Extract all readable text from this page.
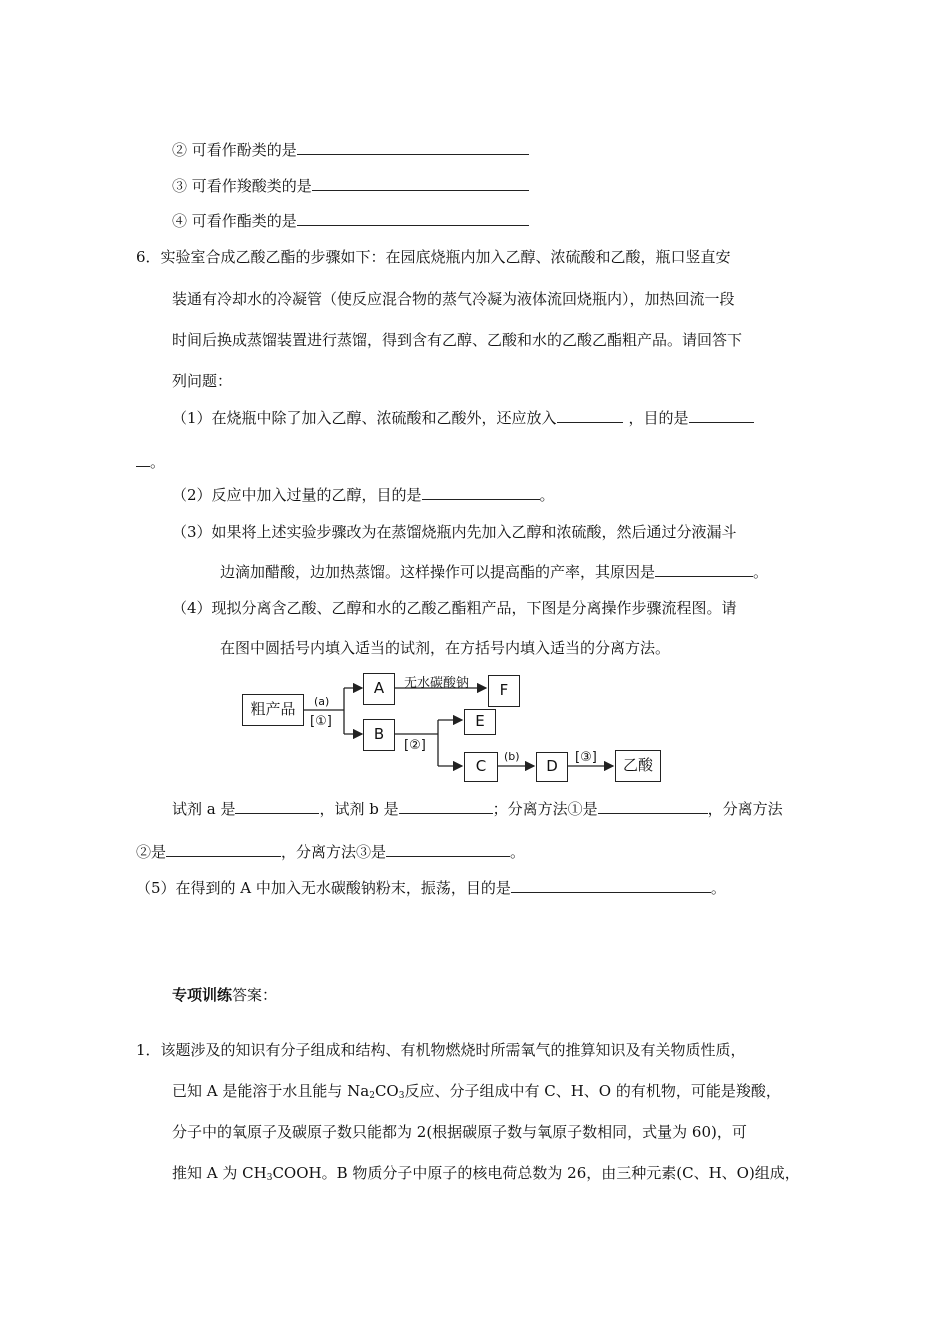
② 可看作酚类的是
③ 可看作羧酸类的是
④ 可看作酯类的是
6．实验室合成乙酸乙酯的步骤如下：在园底烧瓶内加入乙醇、浓硫酸和乙酸，瓶口竖直安
装通有冷却水的冷凝管（使反应混合物的蒸气冷凝为液体流回烧瓶内），加热回流一段
时间后换成蒸馏装置进行蒸馏，得到含有乙醇、乙酸和水的乙酸乙酯粗产品。请回答下
列问题：
（1）在烧瓶中除了加入乙醇、浓硫酸和乙酸外，还应放入	，目的是
。
（2）反应中加入过量的乙醇，目的是	。
（3）如果将上述实验步骤改为在蒸馏烧瓶内先加入乙醇和浓硫酸，然后通过分液漏斗
边滴加醋酸，边加热蒸馏。这样操作可以提高酯的产率，其原因是	。
（4）现拟分离含乙酸、乙醇和水的乙酸乙酯粗产品，下图是分离操作步骤流程图。请
在图中圆括号内填入适当的试剂，在方括号内填入适当的分离方法。
粗产品	(a)
[①]
A
B
无水碳酸钠	F
E
[②]
C
(b)
D	[③]	乙酸
试剂 a 是	，试剂 b 是	；分离方法①是	，分离方法
②是	，分离方法③是	。
（5）在得到的 A 中加入无水碳酸钠粉末，振荡，目的是	。
专项训练答案：
1．该题涉及的知识有分子组成和结构、有机物燃烧时所需氧气的推算知识及有关物质性质，
已知 A 是能溶于水且能与 $Na_2CO_3$反应、分子组成中有 C、H、O 的有机物，可能是羧酸，
分子中的氧原子及碳原子数只能都为 2(根据碳原子数与氧原子数相同，式量为 60)，可
推知 A 为 $CH_3COOH$。B 物质分子中原子的核电荷总数为 26，由三种元素(C、H、O)组成，
